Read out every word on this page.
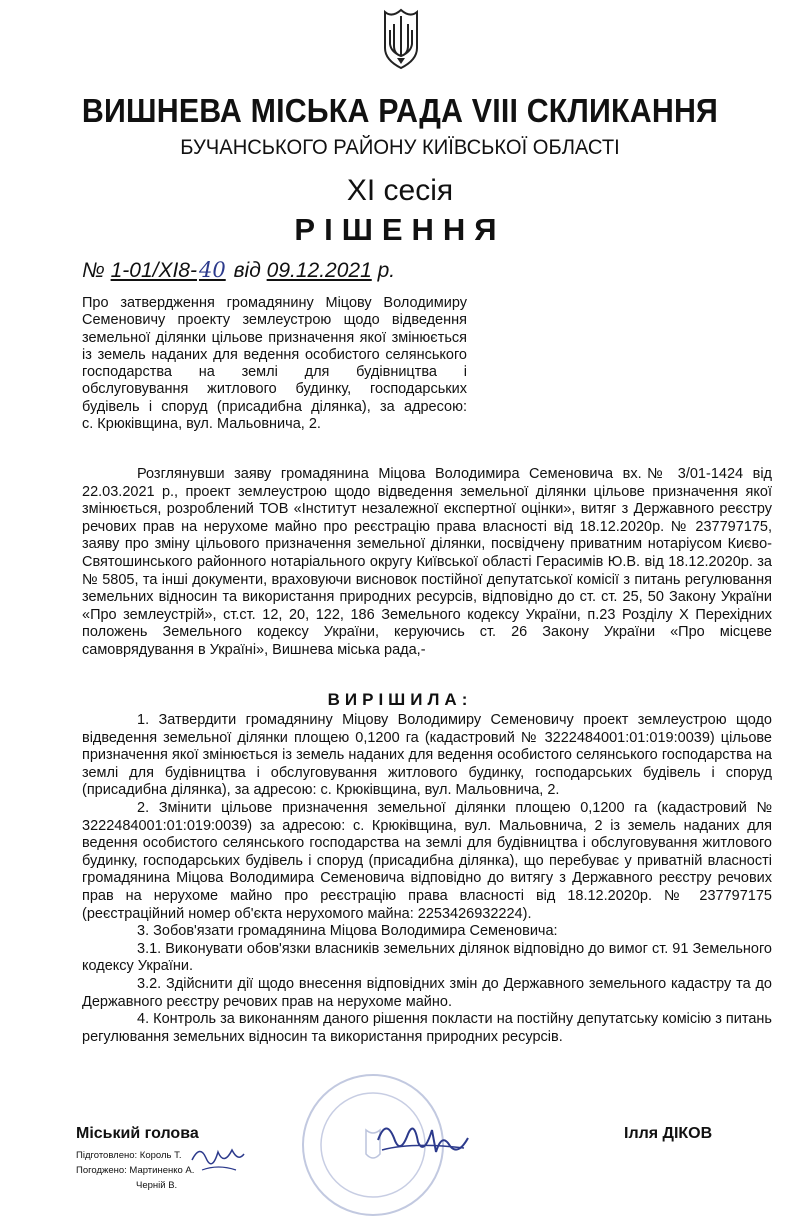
ВИШНЕВА МІСЬКА РАДА VIII СКЛИКАННЯ
БУЧАНСЬКОГО РАЙОНУ КИЇВСЬКОЇ ОБЛАСТІ
XI сесія
РІШЕННЯ
№ 1-01/XI8-40 від 09.12.2021 р.
Про затвердження громадянину Міцову Володимиру
Семеновичу проекту землеустрою щодо відведення
земельної ділянки цільове призначення якої змінюється
із земель наданих для ведення особистого селянського
господарства на землі для будівництва і
обслуговування житлового будинку, господарських
будівель і споруд (присадибна ділянка), за адресою:
с. Крюківщина, вул. Мальовнича, 2.
Розглянувши заяву громадянина Міцова Володимира Семеновича вх.№ 3/01-1424 від 22.03.2021 р., проект землеустрою щодо відведення земельної ділянки цільове призначення якої змінюється, розроблений ТОВ «Інститут незалежної експертної оцінки», витяг з Державного реєстру речових прав на нерухоме майно про реєстрацію права власності від 18.12.2020р. № 237797175, заяву про зміну цільового призначення земельної ділянки, посвідчену приватним нотаріусом Києво-Святошинського районного нотаріального округу Київської області Герасимів Ю.В. від 18.12.2020р. за № 5805, та інші документи, враховуючи висновок постійної депутатської комісії з питань регулювання земельних відносин та використання природних ресурсів, відповідно до ст. ст. 25, 50 Закону України «Про землеустрій», ст.ст. 12, 20, 122, 186 Земельного кодексу України, п.23 Розділу Х Перехідних положень Земельного кодексу України, керуючись ст. 26 Закону України «Про місцеве самоврядування в Україні», Вишнева міська рада,-
ВИРІШИЛА:

1. Затвердити громадянину Міцову Володимиру Семеновичу проект землеустрою щодо відведення земельної ділянки площею 0,1200 га (кадастровий № 3222484001:01:019:0039) цільове призначення якої змінюється із земель наданих для ведення особистого селянського господарства на землі для будівництва і обслуговування житлового будинку, господарських будівель і споруд (присадибна ділянка), за адресою: с. Крюківщина, вул. Мальовнича, 2.

2. Змінити цільове призначення земельної ділянки площею 0,1200 га (кадастровий № 3222484001:01:019:0039) за адресою: с. Крюківщина, вул. Мальовнича, 2 із земель наданих для ведення особистого селянського господарства на землі для будівництва і обслуговування житлового будинку, господарських будівель і споруд (присадибна ділянка), що перебуває у приватній власності громадянина Міцова Володимира Семеновича відповідно до витягу з Державного реєстру речових прав на нерухоме майно про реєстрацію права власності від 18.12.2020р. № 237797175 (реєстраційний номер об'єкта нерухомого майна: 2253426932224).

3. Зобов'язати громадянина Міцова Володимира Семеновича:

3.1. Виконувати обов'язки власників земельних ділянок відповідно до вимог ст. 91 Земельного кодексу України.

3.2. Здійснити дії щодо внесення відповідних змін до Державного земельного кадастру та до Державного реєстру речових прав на нерухоме майно.

4. Контроль за виконанням даного рішення покласти на постійну депутатську комісію з питань регулювання земельних відносин та використання природних ресурсів.

Міський голова	Ілля ДІКОВ
Підготовлено: Король Т.
Погоджено: Мартиненко А.
Черній В.
